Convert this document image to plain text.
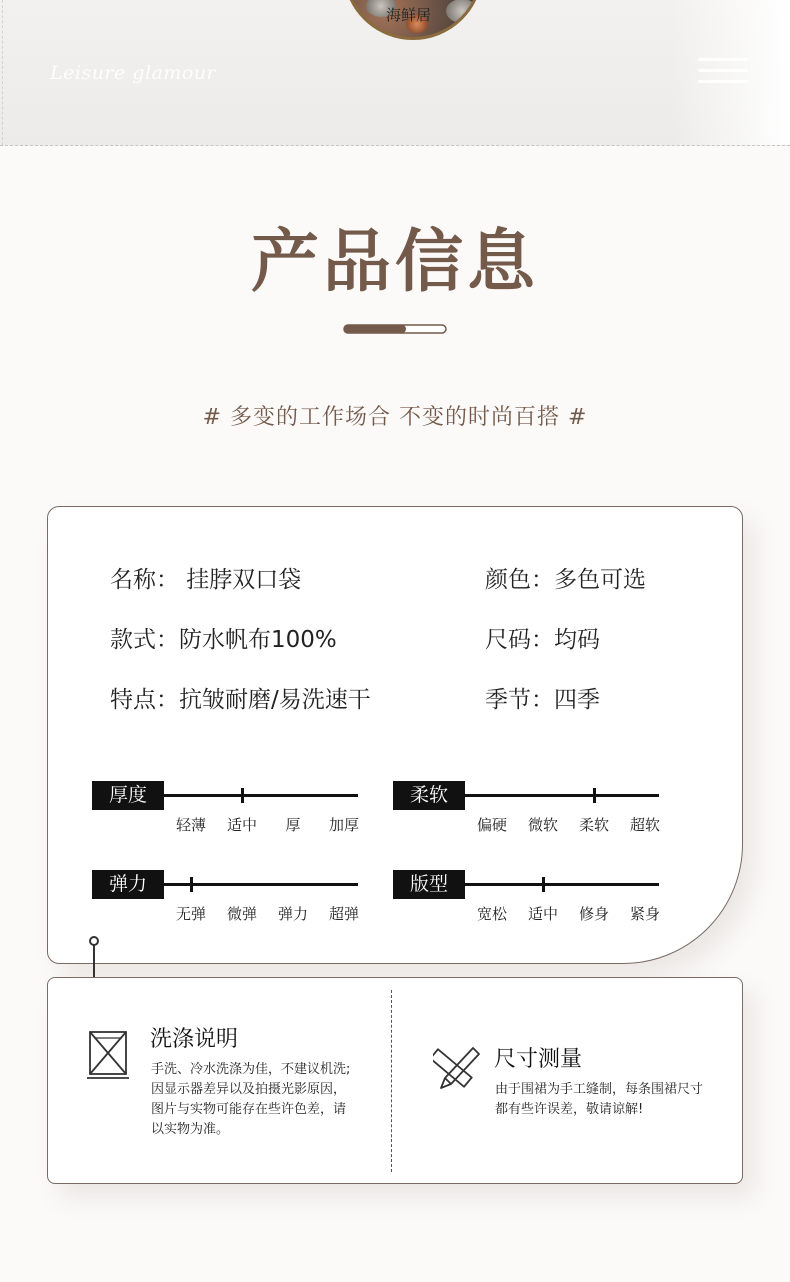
Leisure glamour
海鲜居
产品信息
# 多变的工作场合 不变的时尚百搭 #
名称： 挂脖双口袋
款式：防水帆布100%
特点：抗皱耐磨/易洗速干
颜色：多色可选
尺码：均码
季节：四季
厚度
轻薄 适中 厚 加厚
柔软
偏硬 微软 柔软 超软
弹力
无弹 微弹 弹力 超弹
版型
宽松 适中 修身 紧身
洗涤说明
手洗、冷水洗涤为佳，不建议机洗;
因显示器差异以及拍摄光影原因，
图片与实物可能存在些许色差，请
以实物为准。
尺寸测量
由于围裙为手工缝制，每条围裙尺寸
都有些许误差，敬请谅解!
